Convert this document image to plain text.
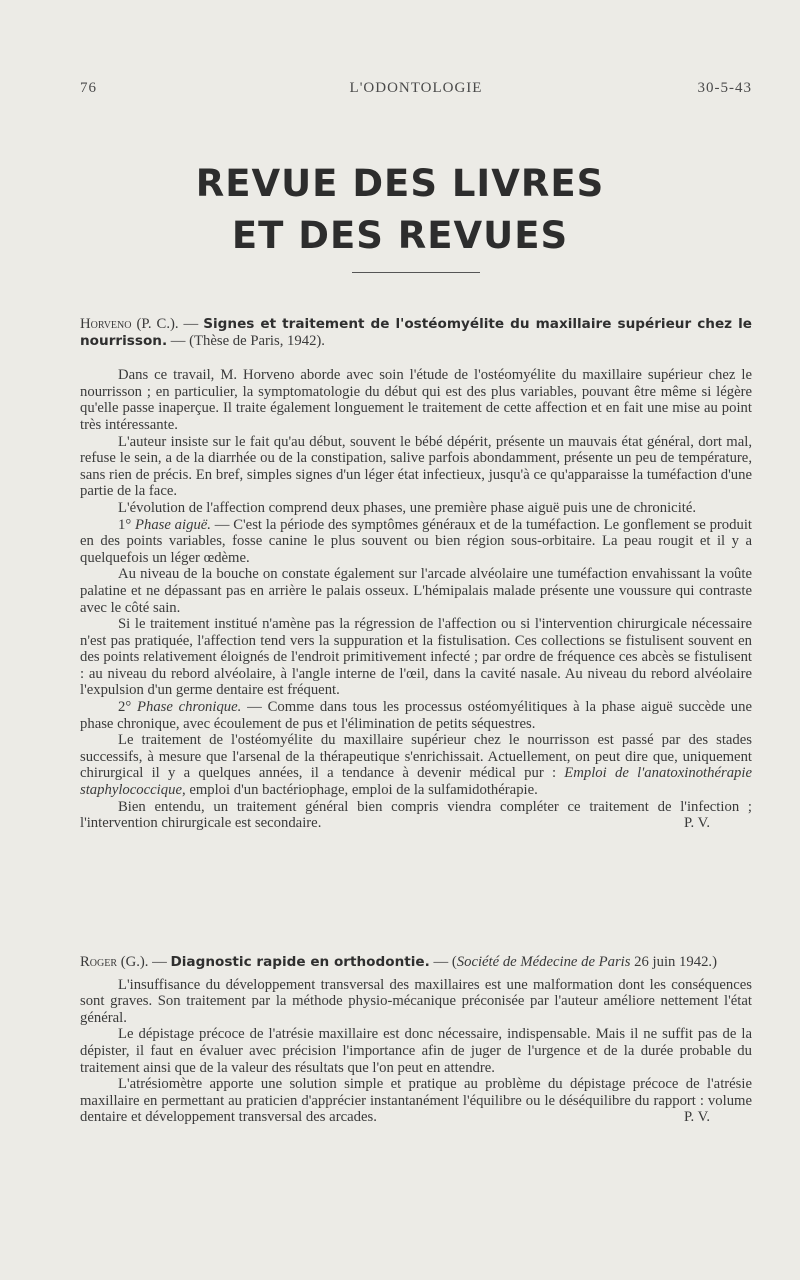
76	L'ODONTOLOGIE	30-5-43
REVUE DES LIVRES
ET DES REVUES

Horveno (P. C.). — Signes et traitement de l'ostéomyélite du maxillaire supérieur chez le nourrisson. — (Thèse de Paris, 1942).

Dans ce travail, M. Horveno aborde avec soin l'étude de l'ostéomyélite du maxillaire supérieur chez le nourrisson ; en particulier, la symptomatologie du début qui est des plus variables, pouvant être même si légère qu'elle passe inaperçue. Il traite également longuement le traitement de cette affection et en fait une mise au point très intéressante.

L'auteur insiste sur le fait qu'au début, souvent le bébé dépérit, présente un mauvais état général, dort mal, refuse le sein, a de la diarrhée ou de la constipation, salive parfois abondamment, présente un peu de température, sans rien de précis. En bref, simples signes d'un léger état infectieux, jusqu'à ce qu'apparaisse la tuméfaction d'une partie de la face.

L'évolution de l'affection comprend deux phases, une première phase aiguë puis une de chronicité.

1° Phase aiguë. — C'est la période des symptômes généraux et de la tuméfaction. Le gonflement se produit en des points variables, fosse canine le plus souvent ou bien région sous-orbitaire. La peau rougit et il y a quelquefois un léger œdème.

Au niveau de la bouche on constate également sur l'arcade alvéolaire une tuméfaction envahissant la voûte palatine et ne dépassant pas en arrière le palais osseux. L'hémipalais malade présente une voussure qui contraste avec le côté sain.

Si le traitement institué n'amène pas la régression de l'affection ou si l'intervention chirurgicale nécessaire n'est pas pratiquée, l'affection tend vers la suppuration et la fistulisation. Ces collections se fistulisent souvent en des points relativement éloignés de l'endroit primitivement infecté ; par ordre de fréquence ces abcès se fistulisent : au niveau du rebord alvéolaire, à l'angle interne de l'œil, dans la cavité nasale. Au niveau du rebord alvéolaire l'expulsion d'un germe dentaire est fréquent.

2° Phase chronique. — Comme dans tous les processus ostéomyélitiques à la phase aiguë succède une phase chronique, avec écoulement de pus et l'élimination de petits séquestres.

Le traitement de l'ostéomyélite du maxillaire supérieur chez le nourrisson est passé par des stades successifs, à mesure que l'arsenal de la thérapeutique s'enrichissait. Actuellement, on peut dire que, uniquement chirurgical il y a quelques années, il a tendance à devenir médical pur : Emploi de l'anatoxinothérapie staphylococcique, emploi d'un bactériophage, emploi de la sulfamidothérapie.

Bien entendu, un traitement général bien compris viendra compléter ce traitement de l'infection ; l'intervention chirurgicale est secondaire.	P. V.

Roger (G.). — Diagnostic rapide en orthodontie. — (Société de Médecine de Paris 26 juin 1942.)

L'insuffisance du développement transversal des maxillaires est une malformation dont les conséquences sont graves. Son traitement par la méthode physio-mécanique préconisée par l'auteur améliore nettement l'état général.

Le dépistage précoce de l'atrésie maxillaire est donc nécessaire, indispensable. Mais il ne suffit pas de la dépister, il faut en évaluer avec précision l'importance afin de juger de l'urgence et de la durée probable du traitement ainsi que de la valeur des résultats que l'on peut en attendre.

L'atrésiomètre apporte une solution simple et pratique au problème du dépistage précoce de l'atrésie maxillaire en permettant au praticien d'apprécier instantanément l'équilibre ou le déséquilibre du rapport : volume dentaire et développement transversal des arcades.	P. V.
